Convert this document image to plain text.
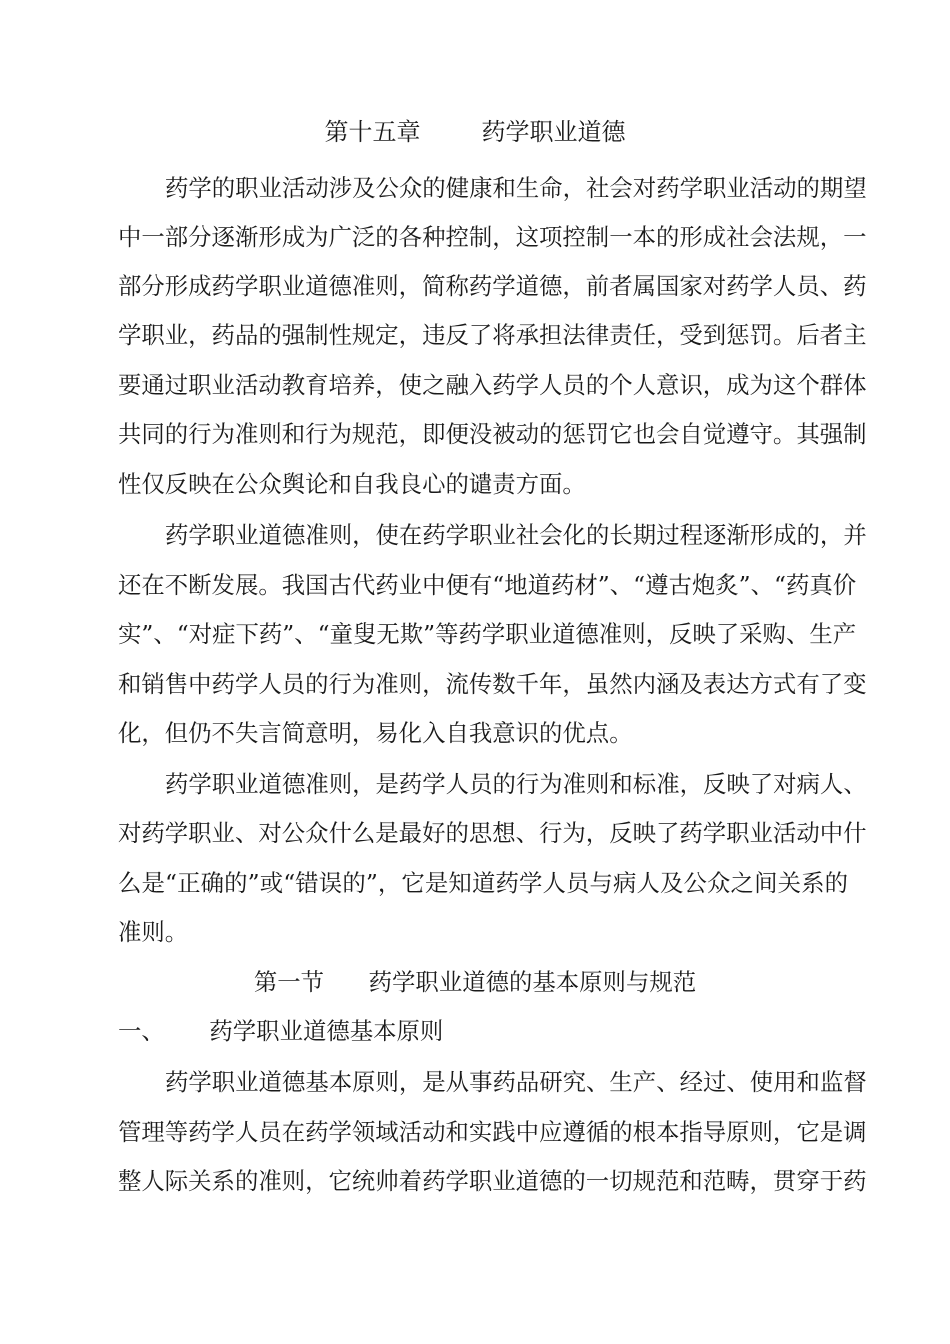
第十五章        药学职业道德
药学的职业活动涉及公众的健康和生命，社会对药学职业活动的期望
中一部分逐渐形成为广泛的各种控制，这项控制一本的形成社会法规，一
部分形成药学职业道德准则，简称药学道德，前者属国家对药学人员、药
学职业，药品的强制性规定，违反了将承担法律责任，受到惩罚。后者主
要通过职业活动教育培养，使之融入药学人员的个人意识，成为这个群体
共同的行为准则和行为规范，即便没被动的惩罚它也会自觉遵守。其强制
性仅反映在公众舆论和自我良心的谴责方面。
药学职业道德准则，使在药学职业社会化的长期过程逐渐形成的，并
还在不断发展。我国古代药业中便有“地道药材”、“遵古炮炙”、“药真价
实”、“对症下药”、“童叟无欺”等药学职业道德准则，反映了采购、生产
和销售中药学人员的行为准则，流传数千年，虽然内涵及表达方式有了变
化，但仍不失言简意明，易化入自我意识的优点。
药学职业道德准则，是药学人员的行为准则和标准，反映了对病人、
对药学职业、对公众什么是最好的思想、行为，反映了药学职业活动中什
么是“正确的”或“错误的”，它是知道药学人员与病人及公众之间关系的
准则。
第一节      药学职业道德的基本原则与规范
一、      药学职业道德基本原则
药学职业道德基本原则，是从事药品研究、生产、经过、使用和监督
管理等药学人员在药学领域活动和实践中应遵循的根本指导原则，它是调
整人际关系的准则，它统帅着药学职业道德的一切规范和范畴，贯穿于药
